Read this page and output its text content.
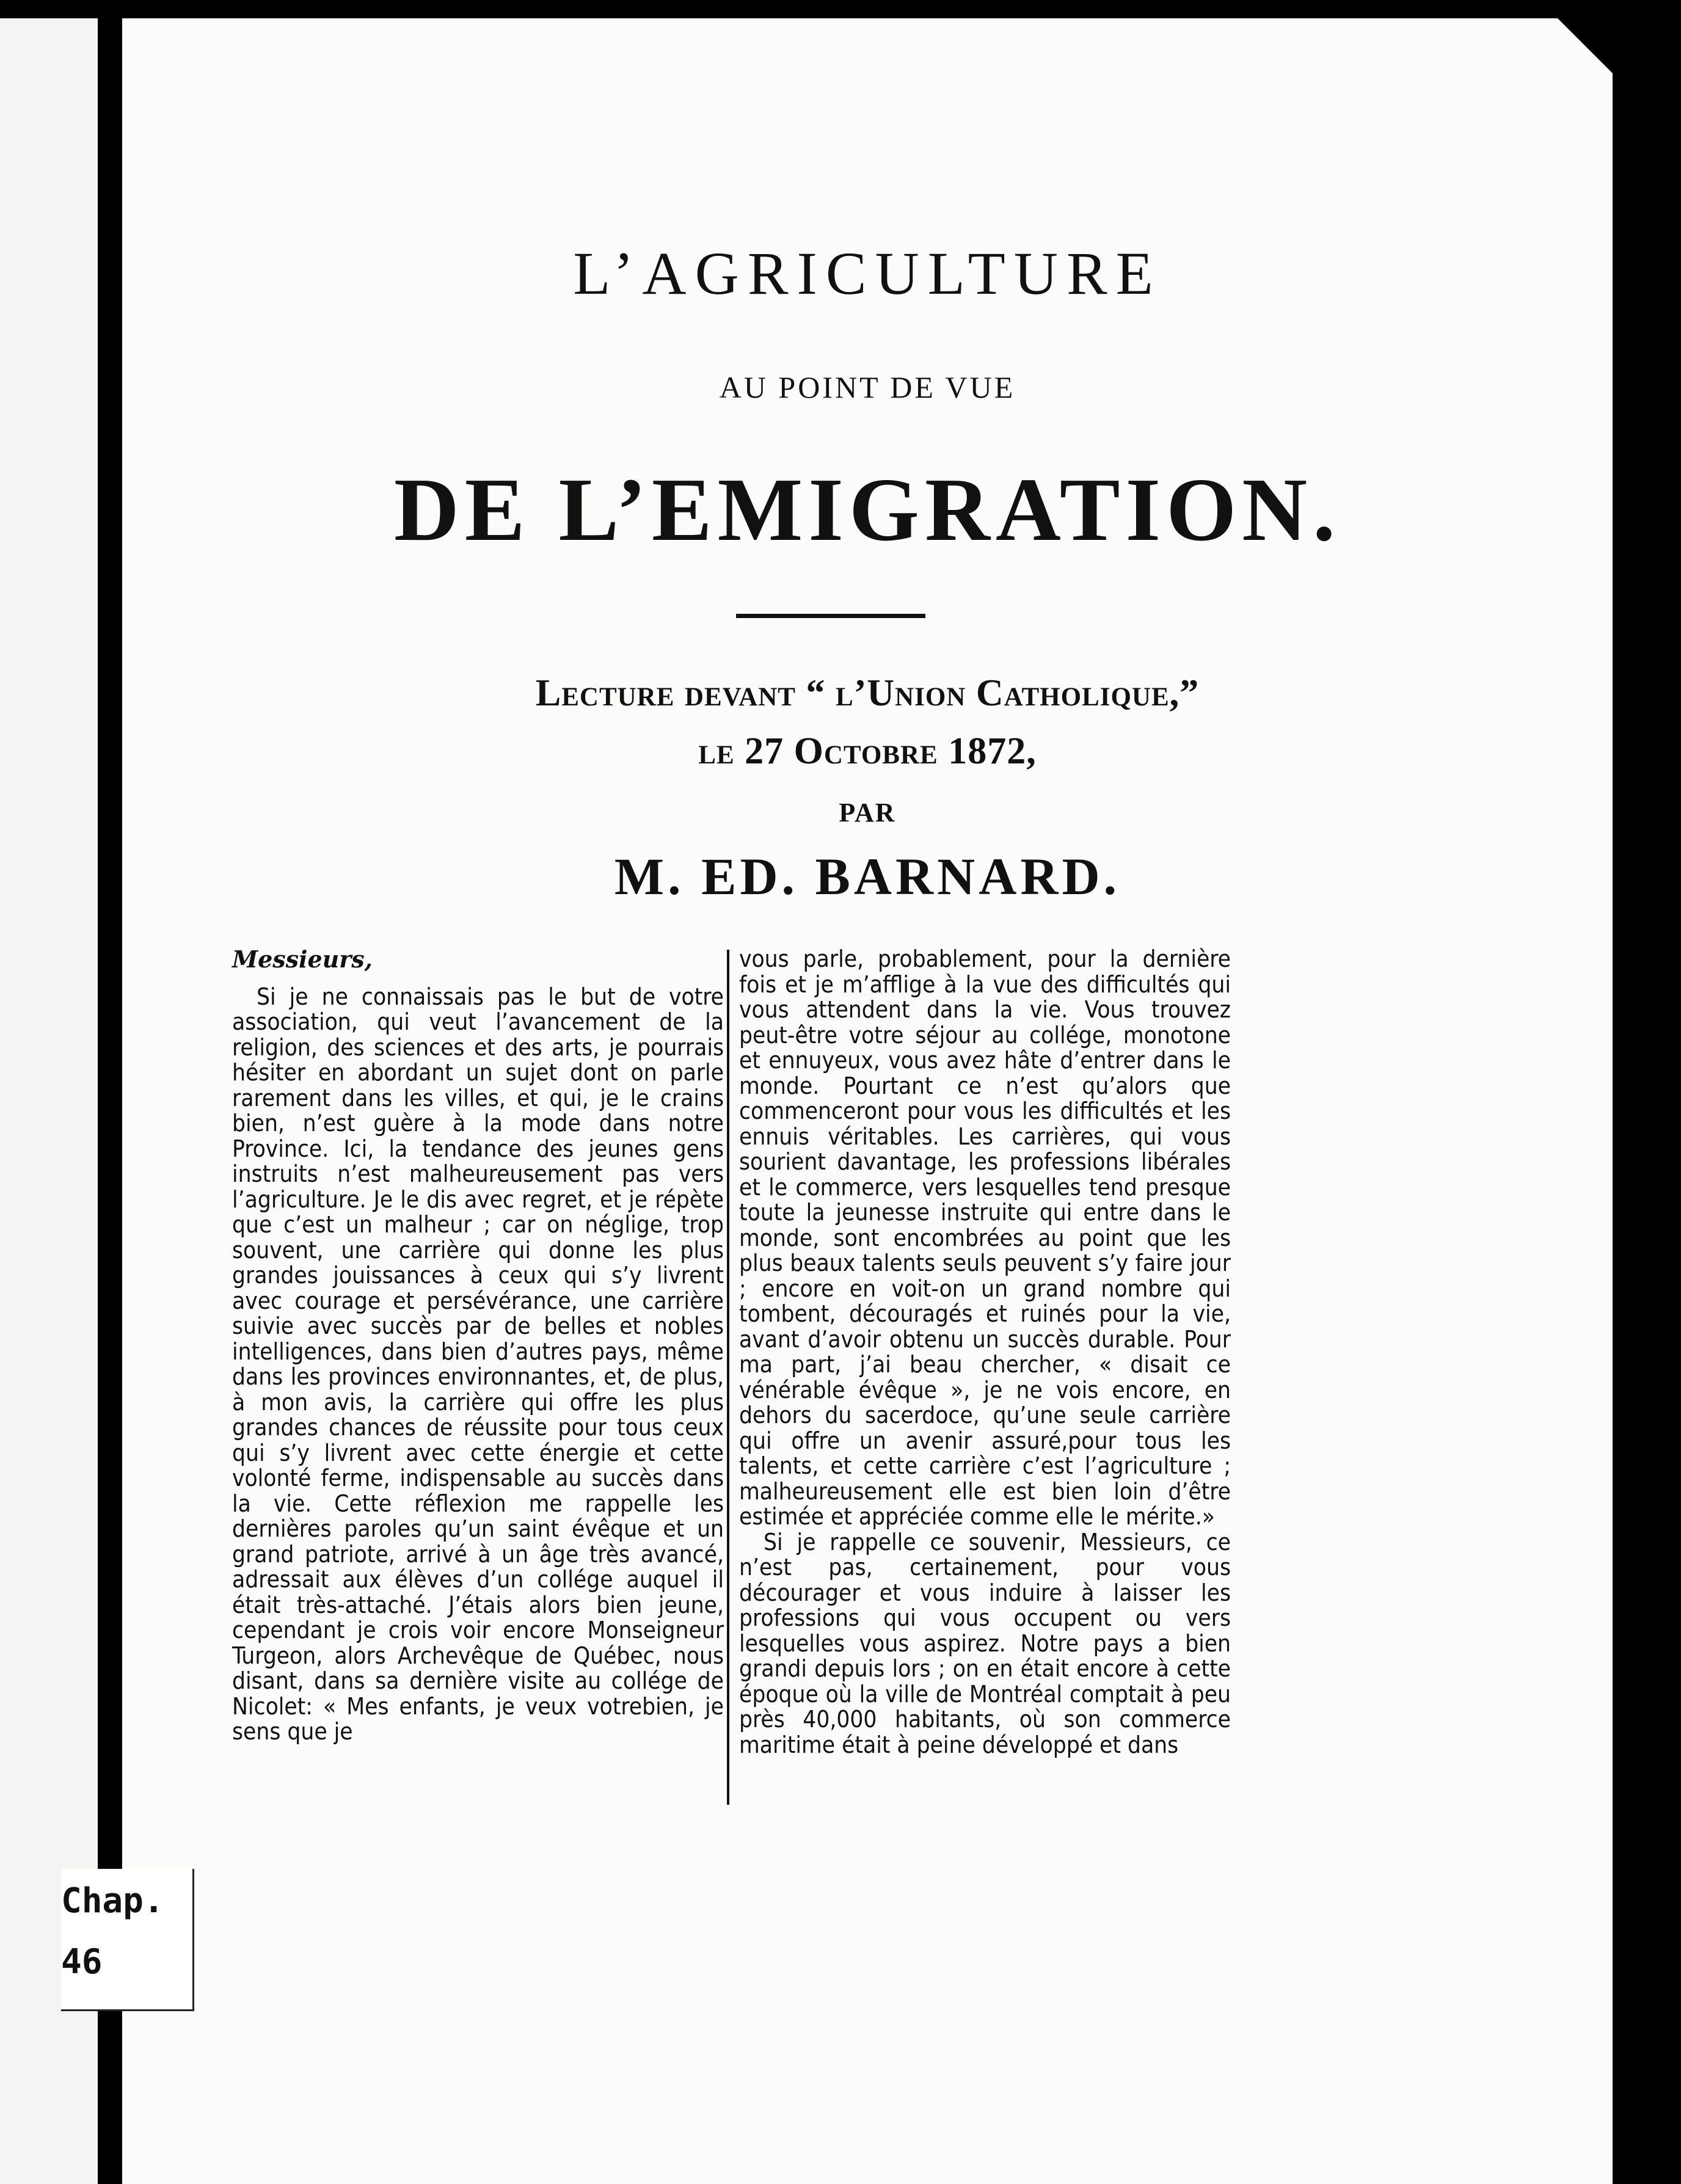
L’AGRICULTURE
AU POINT DE VUE
DE L’EMIGRATION.
Lecture devant “ l’Union Catholique,”
le 27 Octobre 1872,
PAR
M. ED. BARNARD.

Messieurs,

Si je ne connaissais pas le but de votre association, qui veut l’avancement de la religion, des sciences et des arts, je pourrais hésiter en abordant un sujet dont on parle rarement dans les villes, et qui, je le crains bien, n’est guère à la mode dans notre Province. Ici, la tendance des jeunes gens instruits n’est malheureusement pas vers l’agriculture. Je le dis avec regret, et je répète que c’est un malheur ; car on néglige, trop souvent, une carrière qui donne les plus grandes jouissances à ceux qui s’y livrent avec courage et persévérance, une carrière suivie avec succès par de belles et nobles intelligences, dans bien d’autres pays, même dans les provinces environnantes, et, de plus, à mon avis, la carrière qui offre les plus grandes chances de réussite pour tous ceux qui s’y livrent avec cette énergie et cette volonté ferme, indispensable au succès dans la vie. Cette réflexion me rappelle les dernières paroles qu’un saint évêque et un grand patriote, arrivé à un âge très avancé, adressait aux élèves d’un collége auquel il était très-attaché. J’étais alors bien jeune, cependant je crois voir encore Monseigneur Turgeon, alors Archevêque de Québec, nous disant, dans sa dernière visite au collége de Nicolet: « Mes enfants, je veux votrebien, je sens que je

vous parle, probablement, pour la dernière fois et je m’afflige à la vue des difficultés qui vous attendent dans la vie. Vous trouvez peut-être votre séjour au collége, monotone et ennuyeux, vous avez hâte d’entrer dans le monde. Pourtant ce n’est qu’alors que commenceront pour vous les difficultés et les ennuis véritables. Les carrières, qui vous sourient davantage, les professions libérales et le commerce, vers lesquelles tend presque toute la jeunesse instruite qui entre dans le monde, sont encombrées au point que les plus beaux talents seuls peuvent s’y faire jour ; encore en voit-on un grand nombre qui tombent, découragés et ruinés pour la vie, avant d’avoir obtenu un succès durable. Pour ma part, j’ai beau chercher, « disait ce vénérable évêque », je ne vois encore, en dehors du sacerdoce, qu’une seule carrière qui offre un avenir assuré,pour tous les talents, et cette carrière c’est l’agriculture ; malheureusement elle est bien loin d’être estimée et appréciée comme elle le mérite.»

Si je rappelle ce souvenir, Messieurs, ce n’est pas, certainement, pour vous décourager et vous induire à laisser les professions qui vous occupent ou vers lesquelles vous aspirez. Notre pays a bien grandi depuis lors ; on en était encore à cette époque où la ville de Montréal comptait à peu près 40,000 habitants, où son commerce maritime était à peine développé et dans

Chap.
46
